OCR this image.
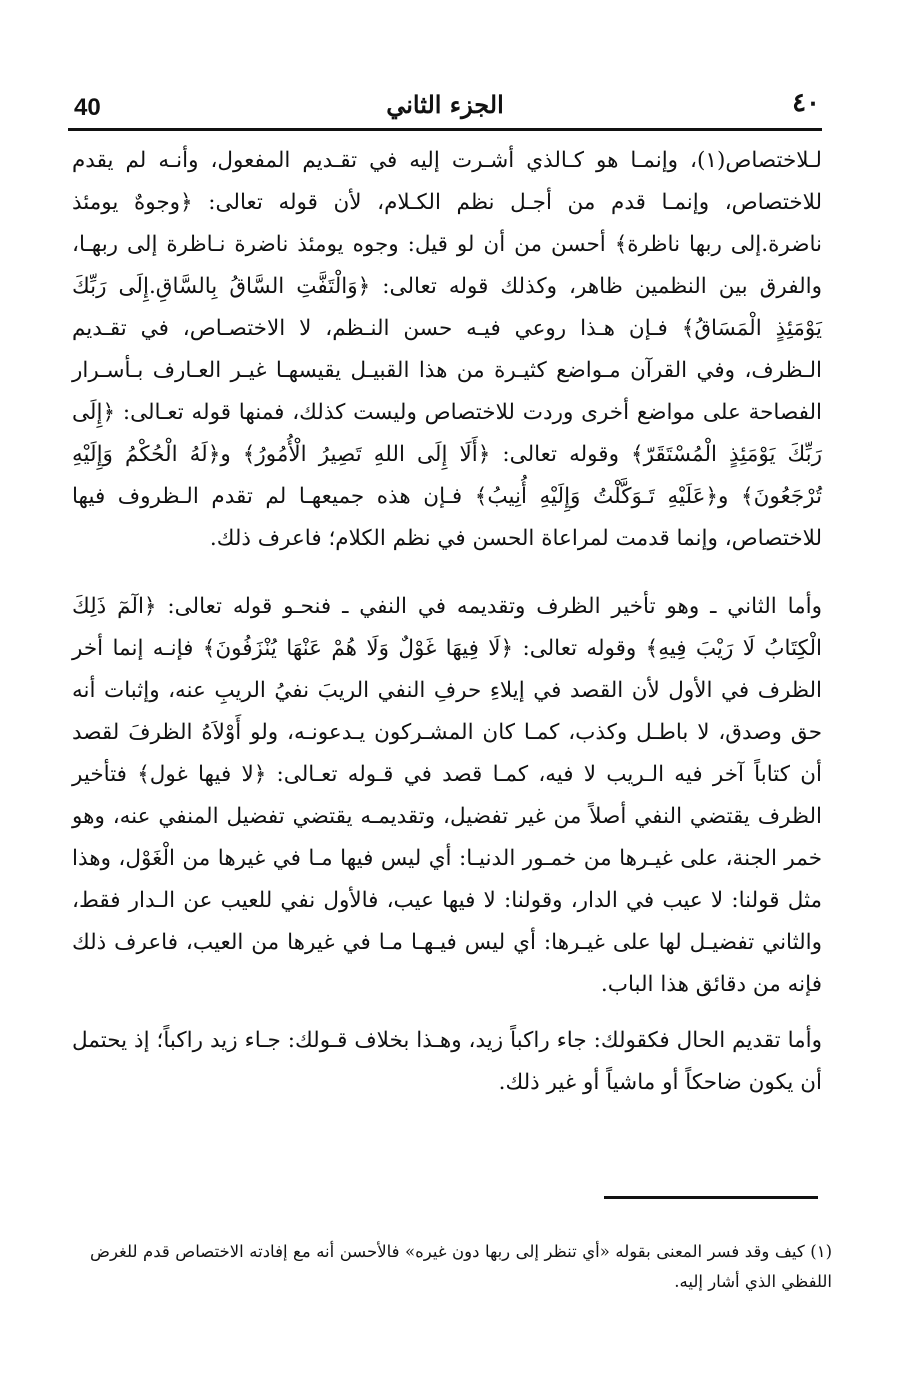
40	الجزء الثاني	٤٠

لـلاختصاص(١)، وإنمـا هو كـالذي أشـرت إليه في تقـديم المفعول، وأنـه لم يقدم للاختصاص، وإنمـا قدم من أجـل نظم الكـلام، لأن قوله تعالى: ﴿وجوهٌ يومئذ ناضرة.إلى ربها ناظرة﴾ أحسن من أن لو قيل: وجوه يومئذ ناضرة نـاظرة إلى ربهـا، والفرق بين النظمين ظاهر، وكذلك قوله تعالى: ﴿وَالْتَفَّتِ السَّاقُ بِالسَّاقِ.إِلَى رَبِّكَ يَوْمَئِذٍ الْمَسَاقُ﴾ فـإن هـذا روعي فيـه حسن النـظم، لا الاختصـاص، في تقـديم الـظرف، وفي القرآن مـواضع كثيـرة من هذا القبيـل يقيسهـا غيـر العـارف بـأسـرار الفصاحة على مواضع أخرى وردت للاختصاص وليست كذلك، فمنها قوله تعـالى: ﴿إِلَى رَبِّكَ يَوْمَئِذٍ الْمُسْتَقَرّ﴾ وقوله تعالى: ﴿أَلَا إِلَى اللهِ تَصِيرُ الْأُمُورُ﴾ و﴿لَهُ الْحُكْمُ وَإِلَيْهِ تُرْجَعُونَ﴾ و﴿عَلَيْهِ تَـوَكَّلْتُ وَإِلَيْهِ أُنِيبُ﴾ فـإن هذه جميعهـا لم تقدم الـظروف فيها للاختصاص، وإنما قدمت لمراعاة الحسن في نظم الكلام؛ فاعرف ذلك.

وأما الثاني ـ وهو تأخير الظرف وتقديمه في النفي ـ فنحـو قوله تعالى: ﴿الٓمٓ ذَلِكَ الْكِتَابُ لَا رَيْبَ فِيهِ﴾ وقوله تعالى: ﴿لَا فِيهَا غَوْلٌ وَلَا هُمْ عَنْهَا يُنْزَفُونَ﴾ فإنـه إنما أخر الظرف في الأول لأن القصد في إيلاءِ حرفِ النفي الريبَ نفيُ الريبِ عنه، وإثبات أنه حق وصدق، لا باطـل وكذب، كمـا كان المشـركون يـدعونـه، ولو أَوْلاَهُ الظرفَ لقصد أن كتاباً آخر فيه الـريب لا فيه، كمـا قصد في قـوله تعـالى: ﴿لا فيها غول﴾ فتأخير الظرف يقتضي النفي أصلاً من غير تفضيل، وتقديمـه يقتضي تفضيل المنفي عنه، وهو خمر الجنة، على غيـرها من خمـور الدنيـا: أي ليس فيها مـا في غيرها من الْغَوْل، وهذا مثل قولنا: لا عيب في الدار، وقولنا: لا فيها عيب، فالأول نفي للعيب عن الـدار فقط، والثاني تفضيـل لها على غيـرها: أي ليس فيـهـا مـا في غيرها من العيب، فاعرف ذلك فإنه من دقائق هذا الباب.

وأما تقديم الحال فكقولك: جاء راكباً زيد، وهـذا بخلاف قـولك: جـاء زيد راكباً؛ إذ يحتمل أن يكون ضاحكاً أو ماشياً أو غير ذلك.

(١) كيف وقد فسر المعنى بقوله «أي تنظر إلى ربها دون غيره» فالأحسن أنه مع إفادته الاختصاص قدم للغرض اللفظي الذي أشار إليه.
